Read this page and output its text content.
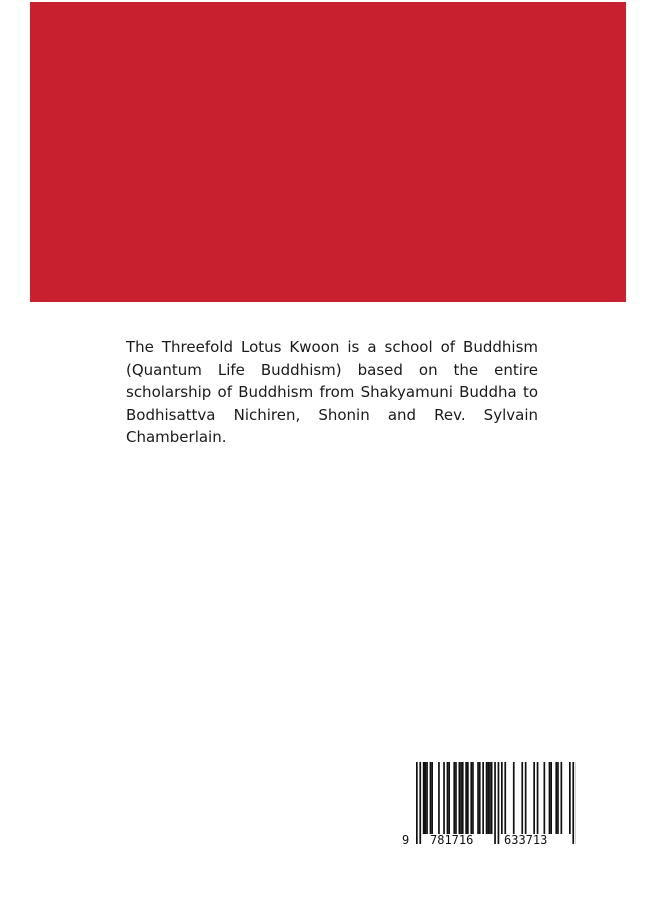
The Threefold Lotus Kwoon is a school of Buddhism
(Quantum Life Buddhism) based on the entire
scholarship of Buddhism from Shakyamuni Buddha to
Bodhisattva Nichiren, Shonin and Rev. Sylvain
Chamberlain.
9 781716	633713
